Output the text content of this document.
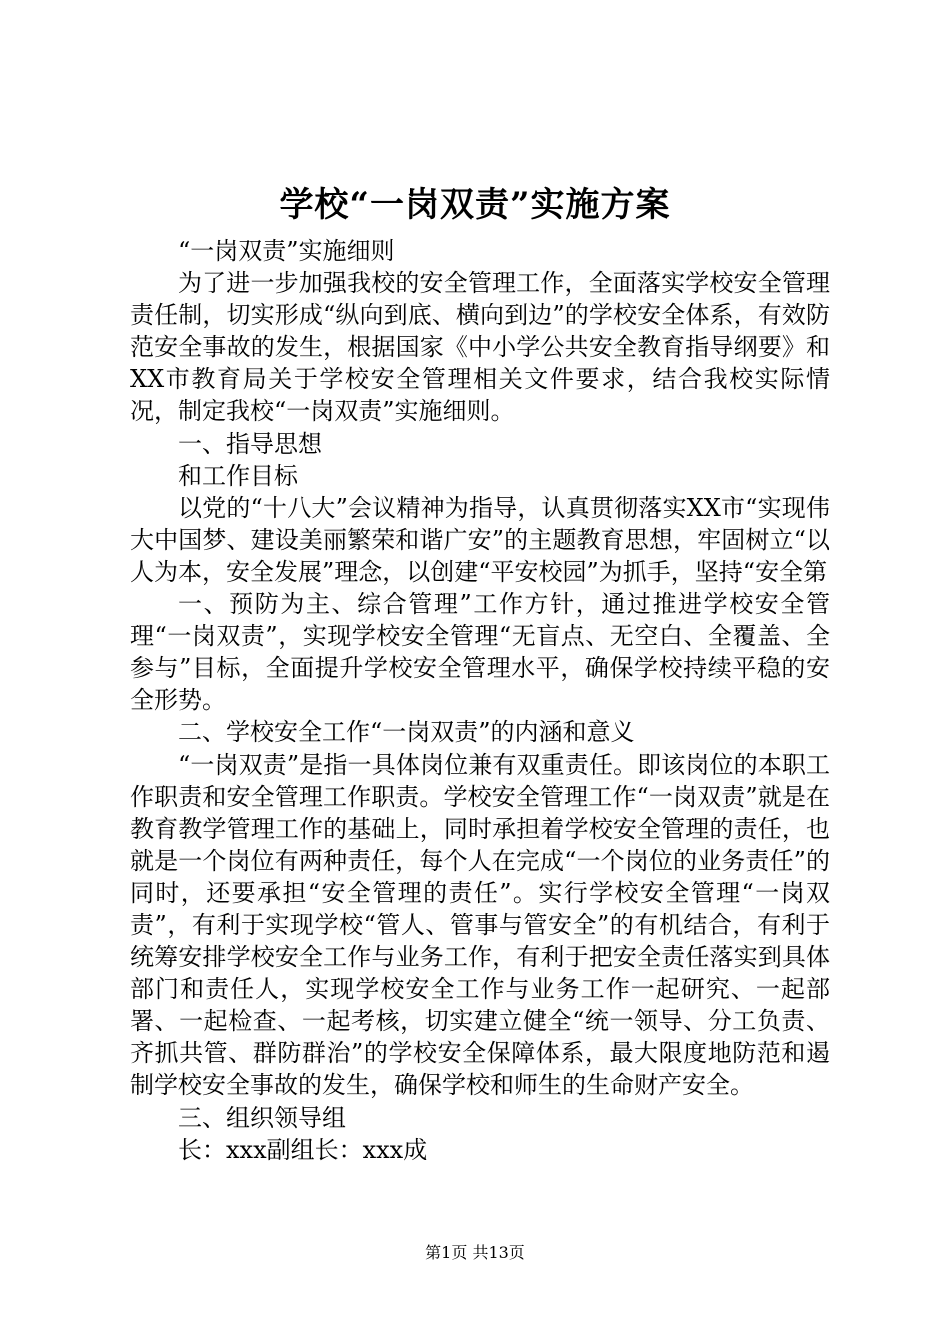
学校“一岗双责”实施方案

“一岗双责”实施细则

为了进一步加强我校的安全管理工作，全面落实学校安全管理责任制，切实形成“纵向到底、横向到边”的学校安全体系，有效防范安全事故的发生，根据国家《中小学公共安全教育指导纲要》和XX市教育局关于学校安全管理相关文件要求，结合我校实际情况，制定我校“一岗双责”实施细则。

一、指导思想

和工作目标

以党的“十八大”会议精神为指导，认真贯彻落实XX市“实现伟大中国梦、建设美丽繁荣和谐广安”的主题教育思想，牢固树立“以人为本，安全发展”理念，以创建“平安校园”为抓手，坚持“安全第

一、预防为主、综合管理”工作方针，通过推进学校安全管理“一岗双责”，实现学校安全管理“无盲点、无空白、全覆盖、全参与”目标，全面提升学校安全管理水平，确保学校持续平稳的安全形势。

二、学校安全工作“一岗双责”的内涵和意义

“一岗双责”是指一具体岗位兼有双重责任。即该岗位的本职工作职责和安全管理工作职责。学校安全管理工作“一岗双责”就是在教育教学管理工作的基础上，同时承担着学校安全管理的责任，也就是一个岗位有两种责任，每个人在完成“一个岗位的业务责任”的同时，还要承担“安全管理的责任”。实行学校安全管理“一岗双责”，有利于实现学校“管人、管事与管安全”的有机结合，有利于统筹安排学校安全工作与业务工作，有利于把安全责任落实到具体部门和责任人，实现学校安全工作与业务工作一起研究、一起部署、一起检查、一起考核，切实建立健全“统一领导、分工负责、齐抓共管、群防群治”的学校安全保障体系，最大限度地防范和遏制学校安全事故的发生，确保学校和师生的生命财产安全。

三、组织领导组

长：xxx副组长：xxx成

第1页 共13页
